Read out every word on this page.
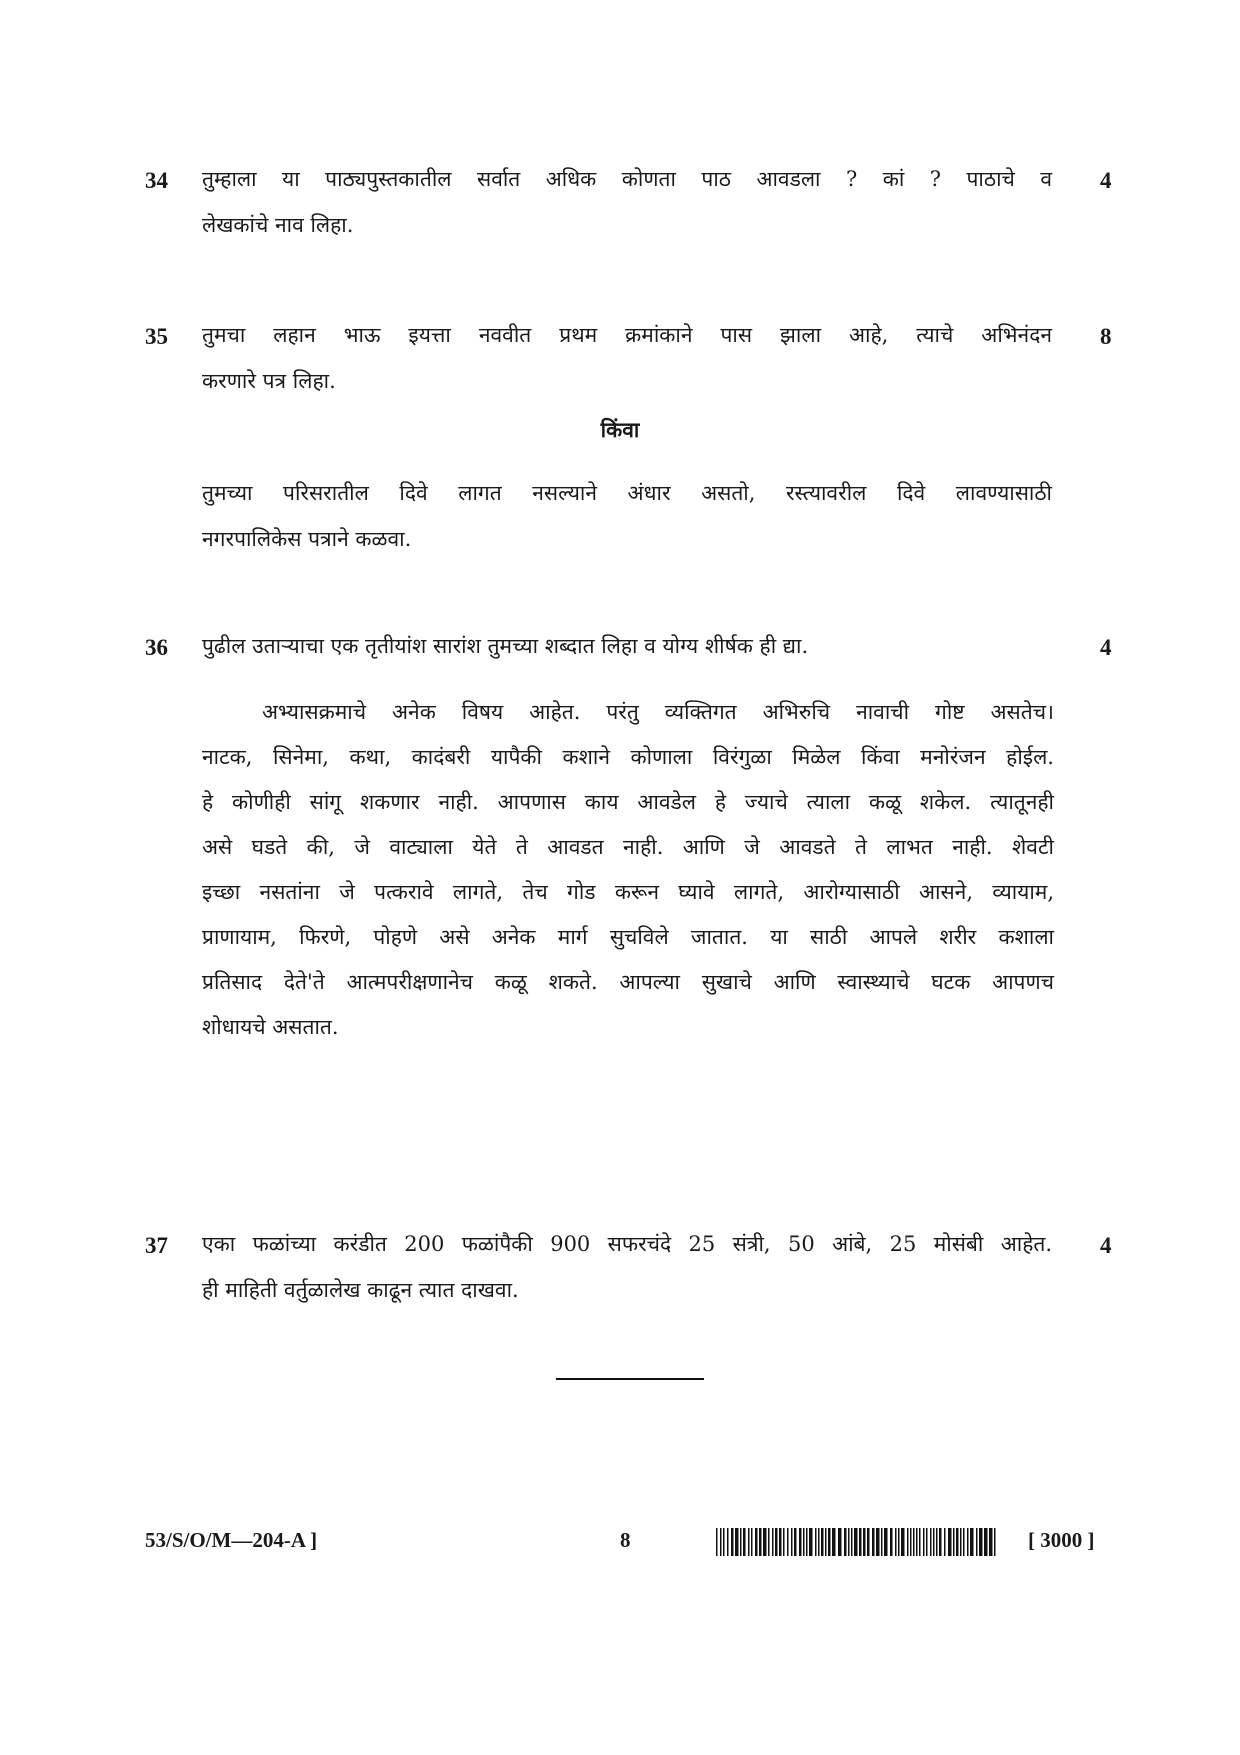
34 तुम्हाला या पाठ्यपुस्तकातील सर्वात अधिक कोणता पाठ आवडला ? कां ? पाठाचे व
लेखकांचे नाव लिहा.
4
35 तुमचा लहान भाऊ इयत्ता नववीत प्रथम क्रमांकाने पास झाला आहे, त्याचे अभिनंदन
करणारे पत्र लिहा.
8
किंवा
तुमच्या परिसरातील दिवे लागत नसल्याने अंधार असतो, रस्त्यावरील दिवे लावण्यासाठी
नगरपालिकेस पत्राने कळवा.
36 पुढील उताऱ्याचा एक तृतीयांश सारांश तुमच्या शब्दात लिहा व योग्य शीर्षक ही द्या.	4
अभ्यासक्रमाचे अनेक विषय आहेत. परंतु व्यक्तिगत अभिरुचि नावाची गोष्ट असतेच।
नाटक, सिनेमा, कथा, कादंबरी यापैकी कशाने कोणाला विरंगुळा मिळेल किंवा मनोरंजन होईल.
हे कोणीही सांगू शकणार नाही. आपणास काय आवडेल हे ज्याचे त्याला कळू शकेल. त्यातूनही
असे घडते की, जे वाट्याला येते ते आवडत नाही. आणि जे आवडते ते लाभत नाही. शेवटी
इच्छा नसतांना जे पत्करावे लागते, तेच गोड करून घ्यावे लागते, आरोग्यासाठी आसने, व्यायाम,
प्राणायाम, फिरणे, पोहणे असे अनेक मार्ग सुचविले जातात. या साठी आपले शरीर कशाला
प्रतिसाद देते'ते आत्मपरीक्षणानेच कळू शकते. आपल्या सुखाचे आणि स्वास्थ्याचे घटक आपणच
शोधायचे असतात.
37 एका फळांच्या करंडीत 200 फळांपैकी 900 सफरचंदे 25 संत्री, 50 आंबे, 25 मोसंबी आहेत.
ही माहिती वर्तुळालेख काढून त्यात दाखवा.
4
53/S/O/M—204-A ]	8	[ 3000 ]
